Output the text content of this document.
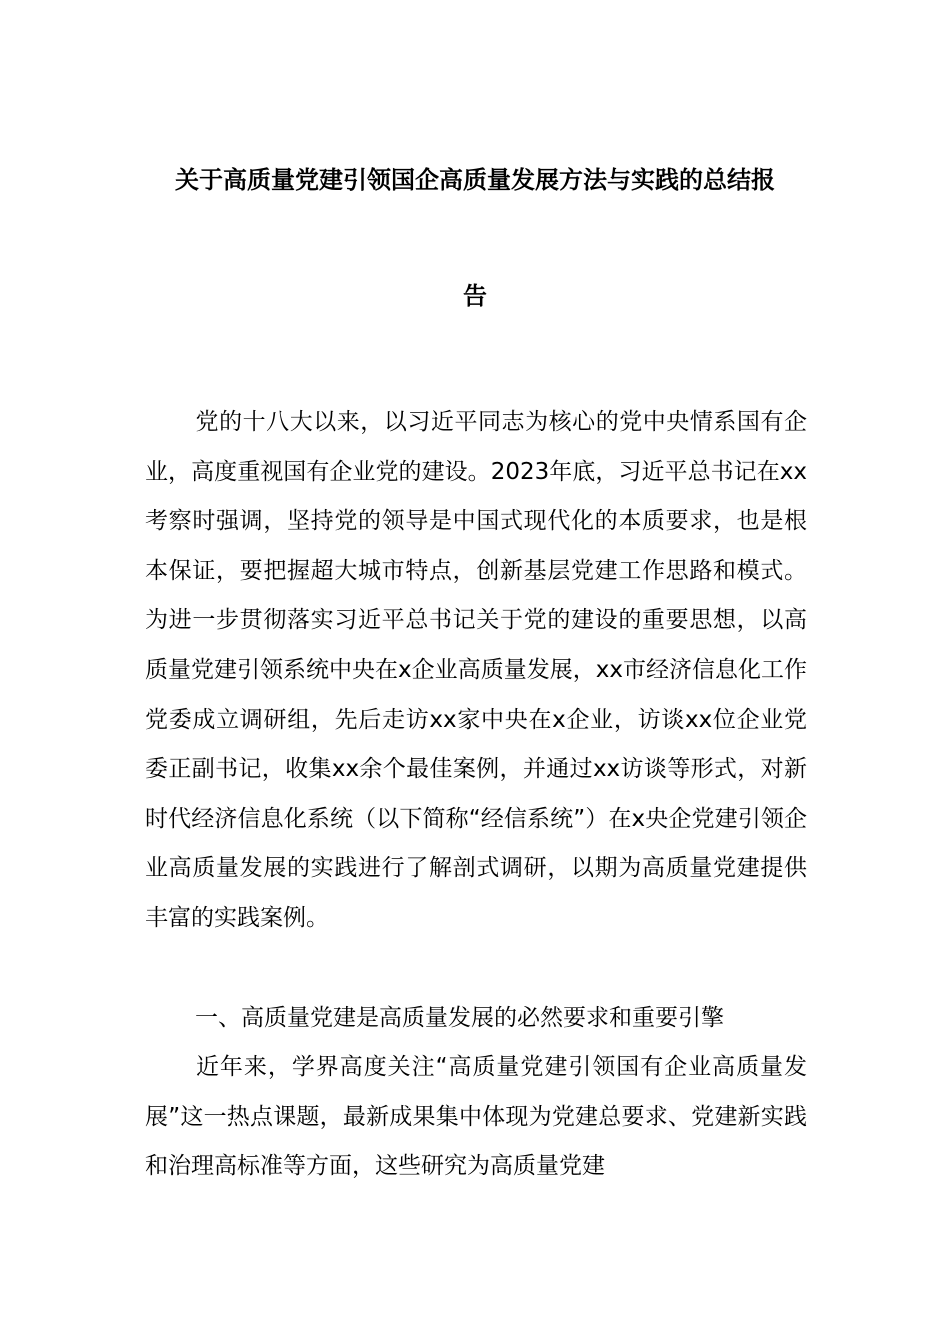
关于高质量党建引领国企高质量发展方法与实践的总结报
告

党的十八大以来，以习近平同志为核心的党中央情系国有企业，高度重视国有企业党的建设。2023年底，习近平总书记在xx考察时强调，坚持党的领导是中国式现代化的本质要求，也是根本保证，要把握超大城市特点，创新基层党建工作思路和模式。为进一步贯彻落实习近平总书记关于党的建设的重要思想，以高质量党建引领系统中央在x企业高质量发展，xx市经济信息化工作党委成立调研组，先后走访xx家中央在x企业，访谈xx位企业党委正副书记，收集xx余个最佳案例，并通过xx访谈等形式，对新时代经济信息化系统（以下简称“经信系统”）在x央企党建引领企业高质量发展的实践进行了解剖式调研，以期为高质量党建提供丰富的实践案例。

一、高质量党建是高质量发展的必然要求和重要引擎

近年来，学界高度关注“高质量党建引领国有企业高质量发展”这一热点课题，最新成果集中体现为党建总要求、党建新实践和治理高标准等方面，这些研究为高质量党建
